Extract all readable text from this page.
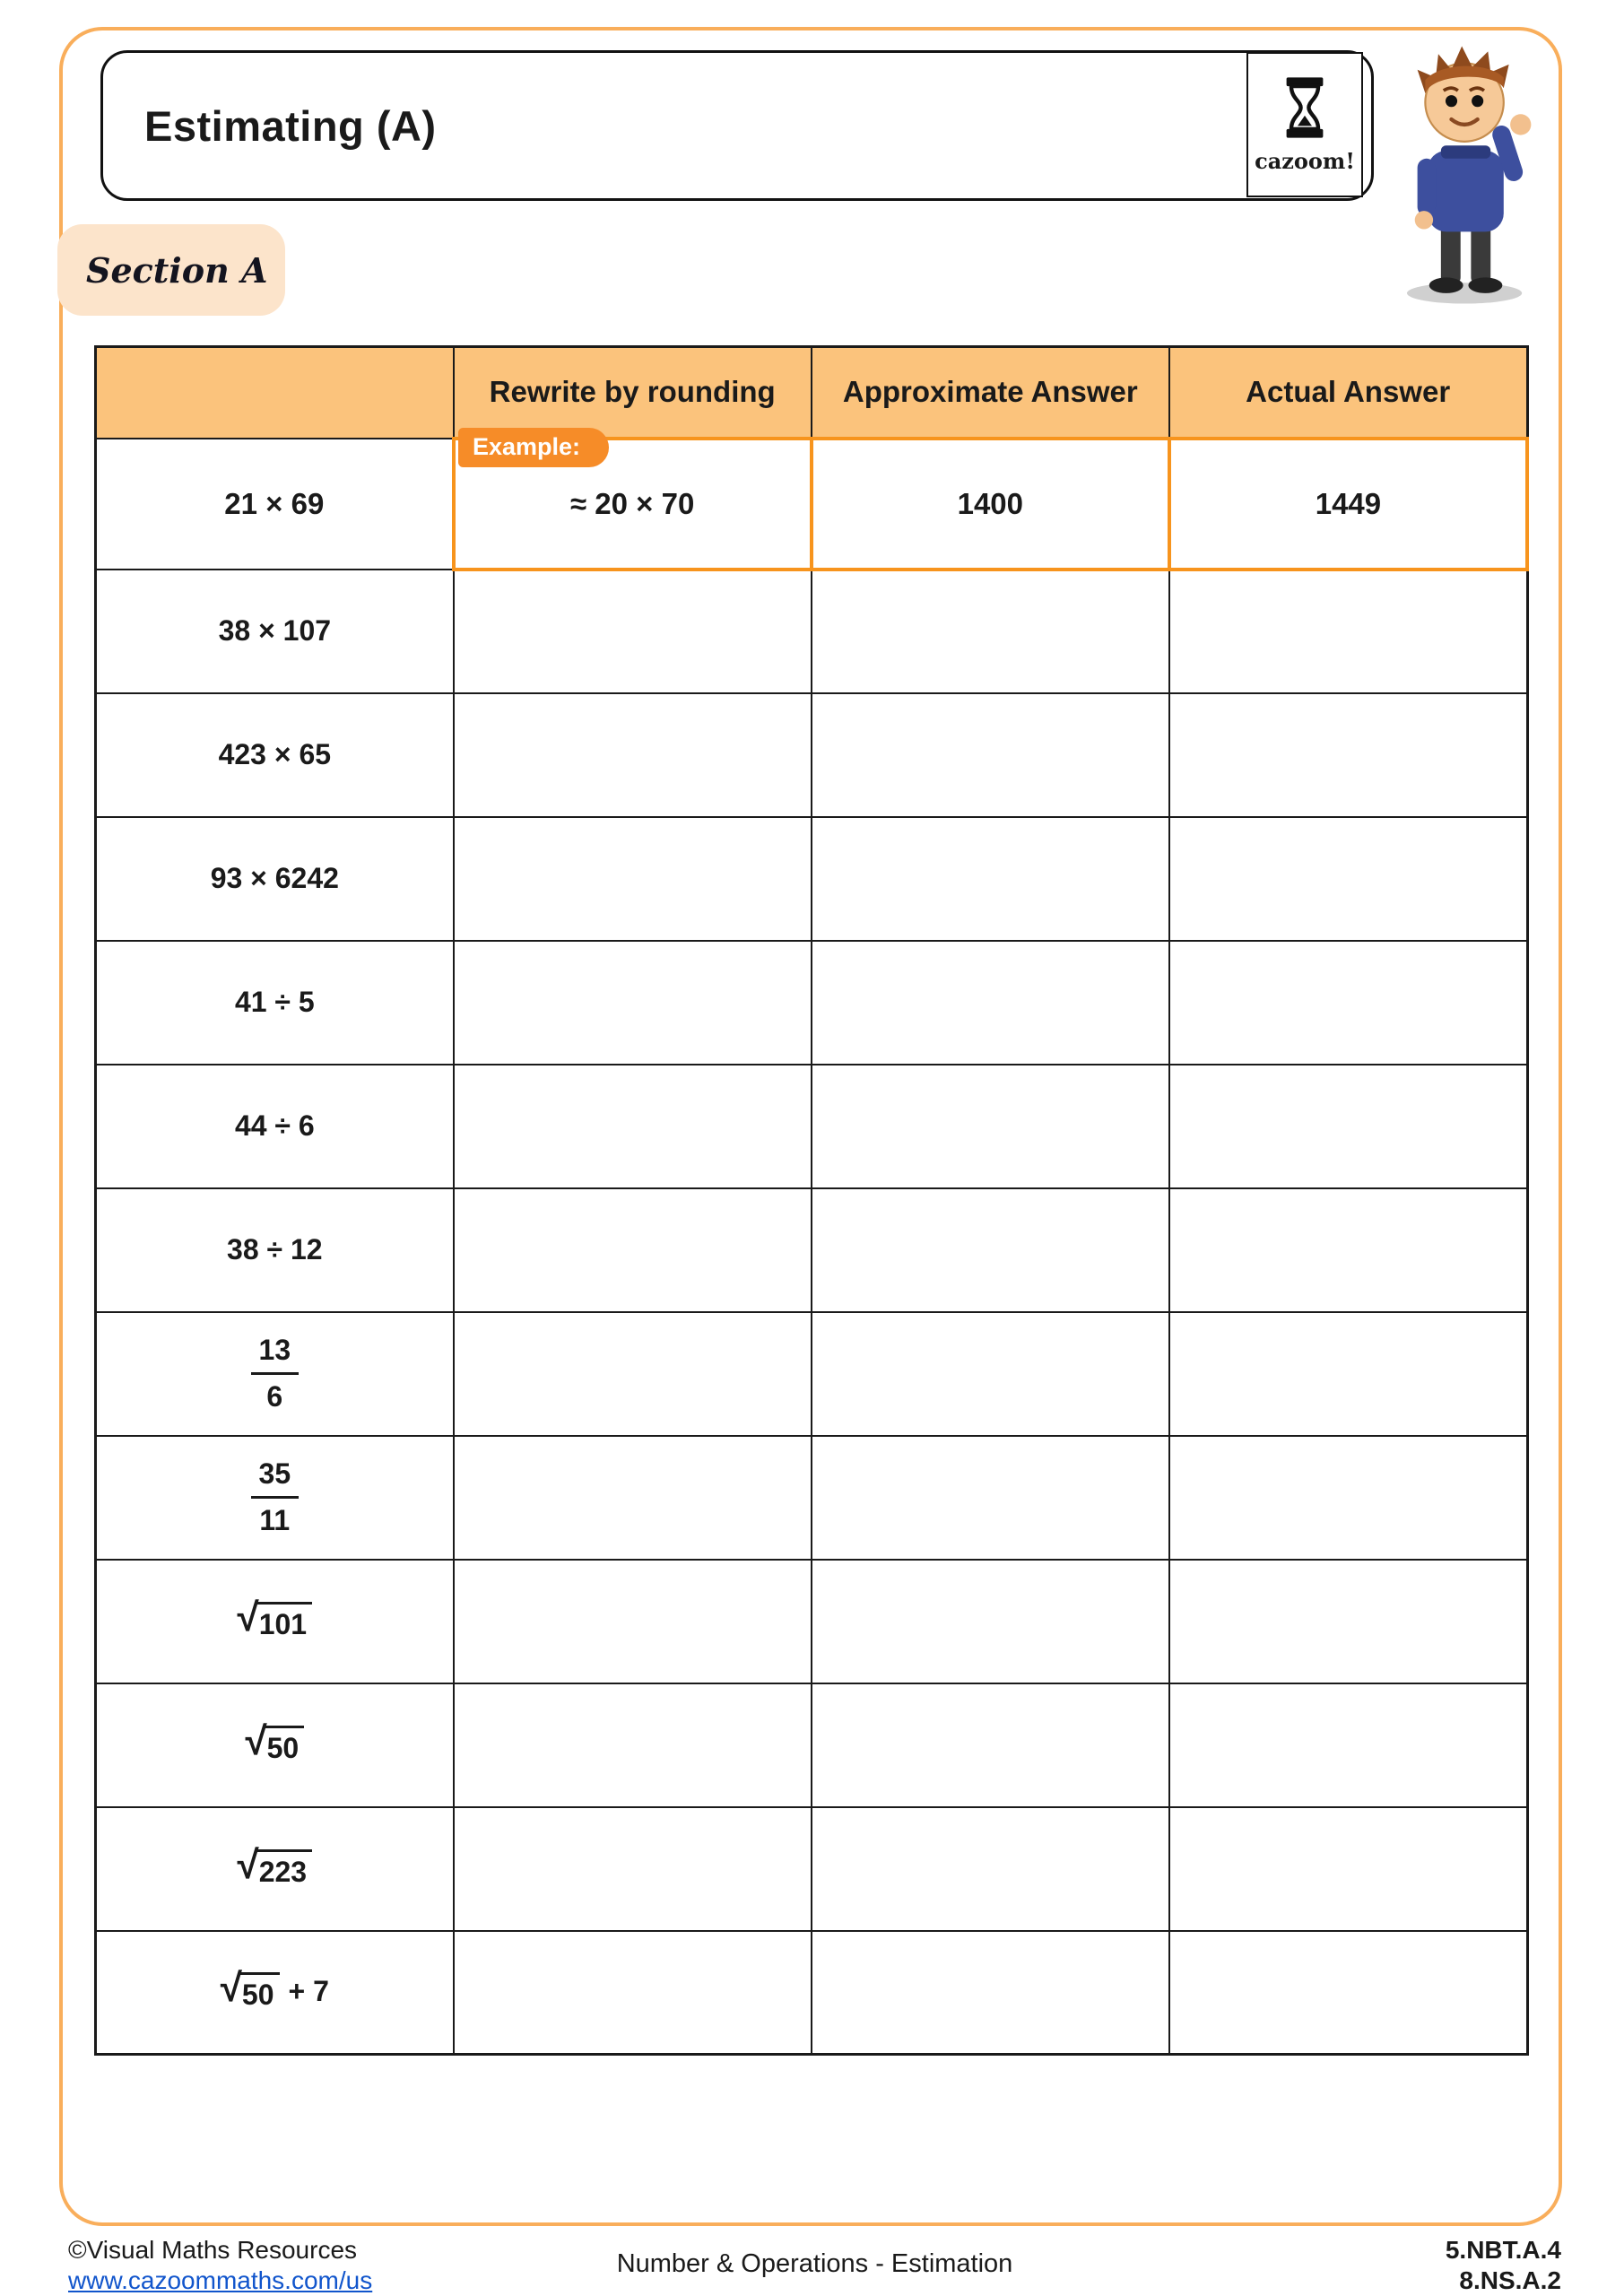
Estimating (A)
cazoom!
Section A
Example:
	Rewrite by rounding	Approximate Answer	Actual Answer
21 × 69	≈ 20 × 70	1400	1449
38 × 107			
423 × 65			
93 × 6242			
41 ÷ 5			
44 ÷ 6			
38 ÷ 12			

$\frac{13}{6}$

$\frac{35}{11}$

√ 101			

√ 50			

√ 223			

√ 50 + 7			
©Visual Maths Resources
www.cazoommaths.com/us
Number & Operations - Estimation	5.NBT.A.4
8.NS.A.2
